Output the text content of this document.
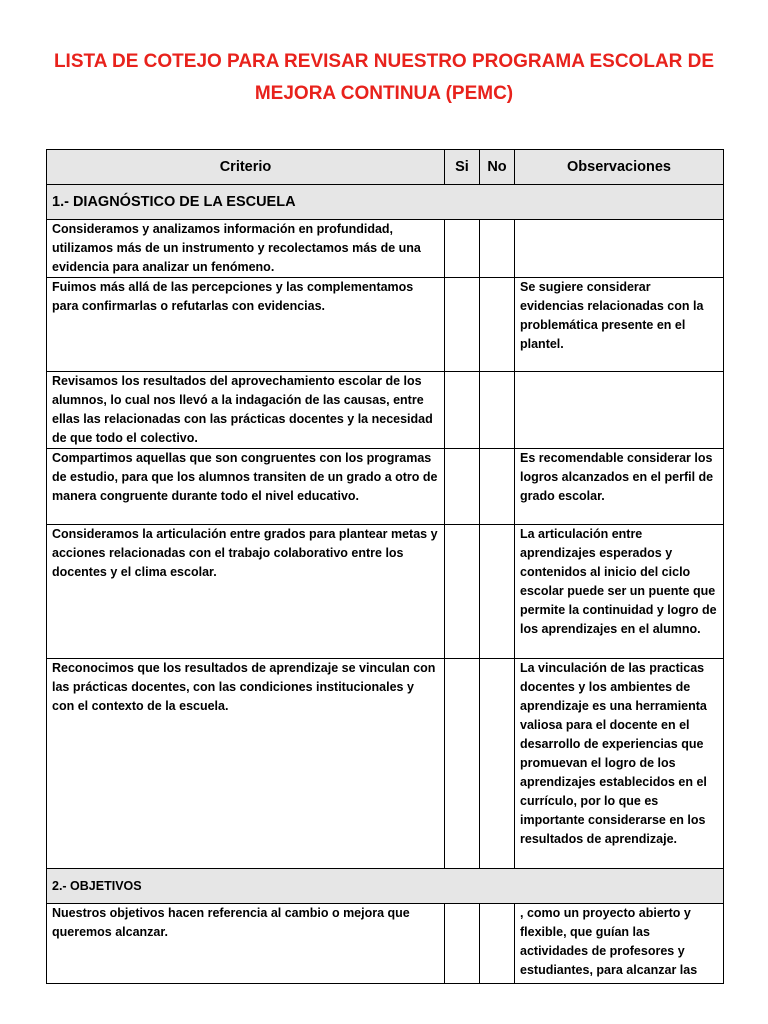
LISTA DE COTEJO PARA REVISAR NUESTRO PROGRAMA ESCOLAR DE
MEJORA CONTINUA (PEMC)
Criterio	Si	No	Observaciones
1.- DIAGNÓSTICO DE LA ESCUELA			
Consideramos y analizamos información en profundidad, utilizamos más de un instrumento y recolectamos más de una evidencia para analizar un fenómeno.			
Fuimos más allá de las percepciones y las complementamos para confirmarlas o refutarlas con evidencias.			Se sugiere considerar evidencias relacionadas con la problemática presente en el plantel.
Revisamos los resultados del aprovechamiento escolar de los alumnos, lo cual nos llevó a la indagación de las causas, entre ellas las relacionadas con las prácticas docentes y la necesidad de que todo el colectivo.			
Compartimos aquellas que son congruentes con los programas de estudio, para que los alumnos transiten de un grado a otro de manera congruente durante todo el nivel educativo.			Es recomendable considerar los logros alcanzados en el perfil de grado escolar.
Consideramos la articulación entre grados para plantear metas y acciones relacionadas con el trabajo colaborativo entre los docentes y el clima escolar.			La articulación entre aprendizajes esperados y contenidos al inicio del ciclo escolar puede ser un puente que permite la continuidad y logro de los aprendizajes en el alumno.
Reconocimos que los resultados de aprendizaje se vinculan con las prácticas docentes, con las condiciones institucionales y con el contexto de la escuela.			La vinculación de las practicas docentes y los ambientes de aprendizaje es una herramienta valiosa para el docente en el desarrollo de experiencias que promuevan el logro de los aprendizajes establecidos en el currículo, por lo que es importante considerarse en los resultados de aprendizaje.
2.- OBJETIVOS			
Nuestros objetivos hacen referencia al cambio o mejora que queremos alcanzar.			, como un proyecto abierto y flexible, que guían las actividades de profesores y estudiantes, para alcanzar las
